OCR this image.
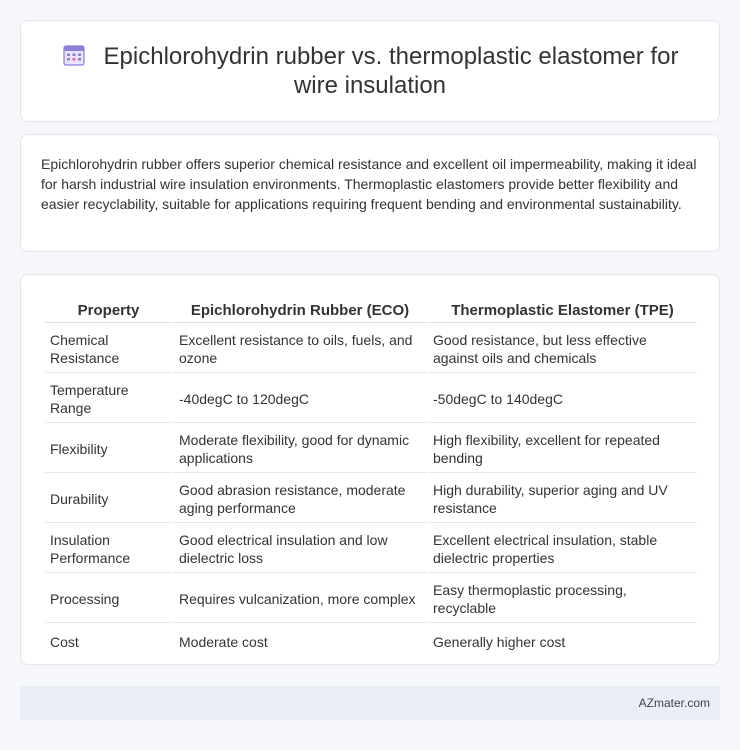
Epichlorohydrin rubber vs. thermoplastic elastomer for wire insulation

Epichlorohydrin rubber offers superior chemical resistance and excellent oil impermeability, making it ideal for harsh industrial wire insulation environments. Thermoplastic elastomers provide better flexibility and easier recyclability, suitable for applications requiring frequent bending and environmental sustainability.

Property	Epichlorohydrin Rubber (ECO)	Thermoplastic Elastomer (TPE)
Chemical Resistance	Excellent resistance to oils, fuels, and ozone	Good resistance, but less effective against oils and chemicals
Temperature Range	-40degC to 120degC	-50degC to 140degC
Flexibility	Moderate flexibility, good for dynamic applications	High flexibility, excellent for repeated bending
Durability	Good abrasion resistance, moderate aging performance	High durability, superior aging and UV resistance
Insulation Performance	Good electrical insulation and low dielectric loss	Excellent electrical insulation, stable dielectric properties
Processing	Requires vulcanization, more complex	Easy thermoplastic processing, recyclable
Cost	Moderate cost	Generally higher cost
AZmater.com
